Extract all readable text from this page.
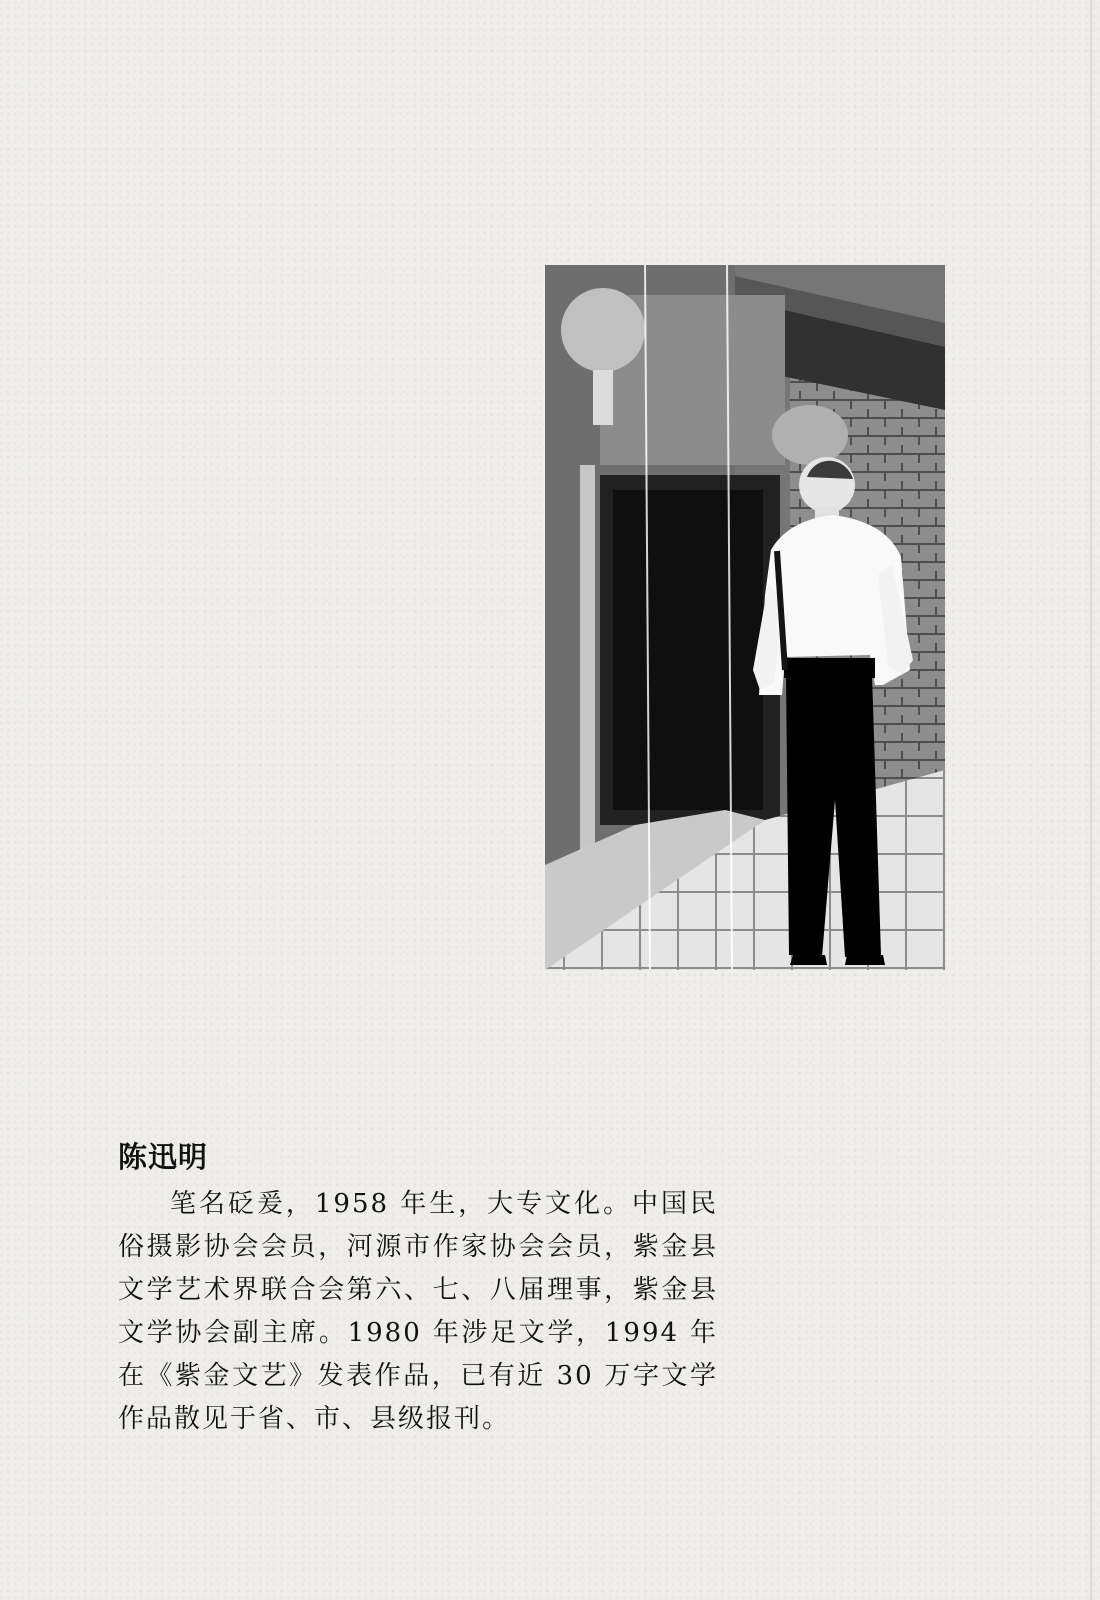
陈迅明

笔名砭爰，1958 年生，大专文化。中国民俗摄影协会会员，河源市作家协会会员，紫金县文学艺术界联合会第六、七、八届理事，紫金县文学协会副主席。1980 年涉足文学，1994 年在《紫金文艺》发表作品，已有近 30 万字文学作品散见于省、市、县级报刊。
